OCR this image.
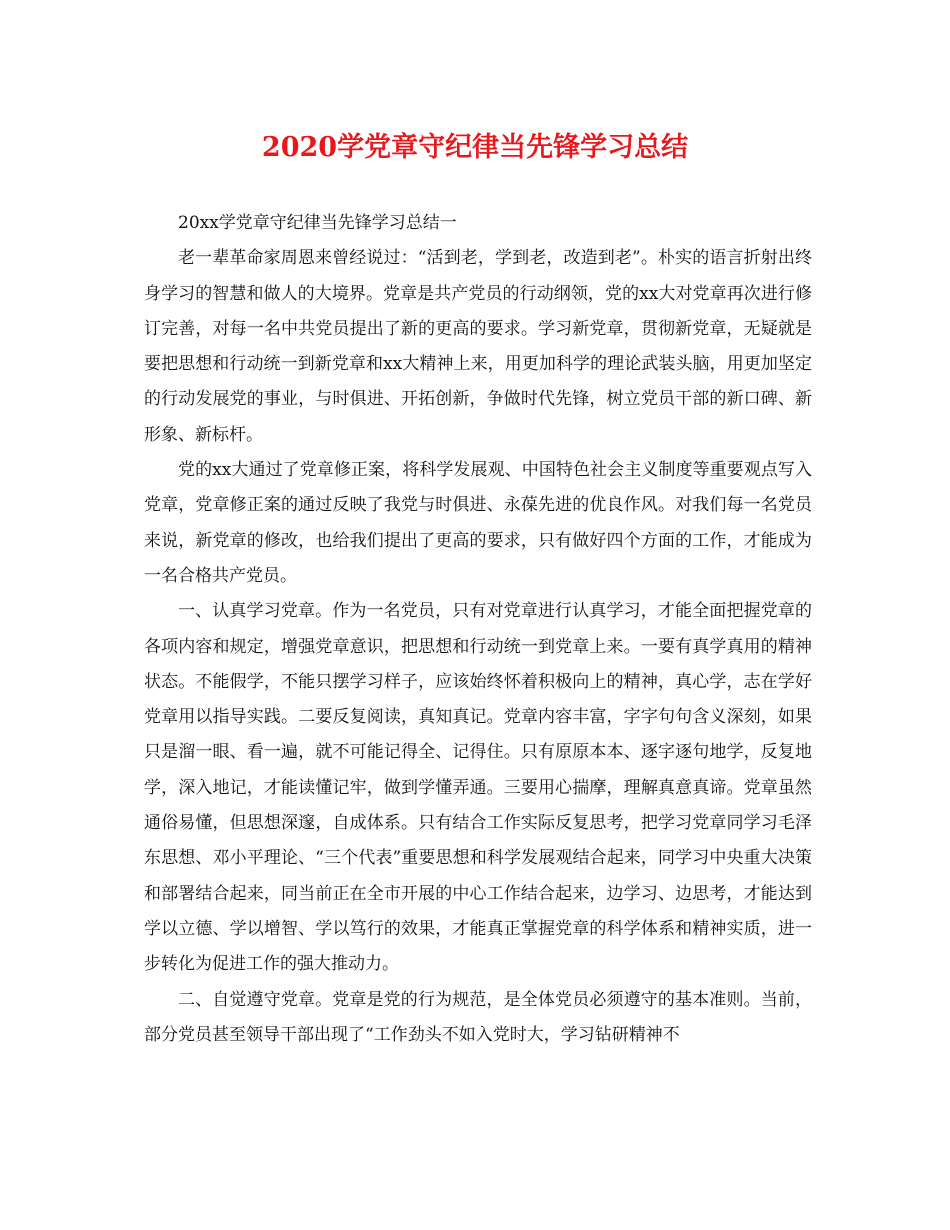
2020学党章守纪律当先锋学习总结

20xx学党章守纪律当先锋学习总结一

老一辈革命家周恩来曾经说过：“活到老，学到老，改造到老”。朴实的语言折射出终身学习的智慧和做人的大境界。党章是共产党员的行动纲领，党的xx大对党章再次进行修订完善，对每一名中共党员提出了新的更高的要求。学习新党章，贯彻新党章，无疑就是要把思想和行动统一到新党章和xx大精神上来，用更加科学的理论武装头脑，用更加坚定的行动发展党的事业，与时俱进、开拓创新，争做时代先锋，树立党员干部的新口碑、新形象、新标杆。

党的xx大通过了党章修正案，将科学发展观、中国特色社会主义制度等重要观点写入党章，党章修正案的通过反映了我党与时俱进、永葆先进的优良作风。对我们每一名党员来说，新党章的修改，也给我们提出了更高的要求，只有做好四个方面的工作，才能成为一名合格共产党员。

一、认真学习党章。作为一名党员，只有对党章进行认真学习，才能全面把握党章的各项内容和规定，增强党章意识，把思想和行动统一到党章上来。一要有真学真用的精神状态。不能假学，不能只摆学习样子，应该始终怀着积极向上的精神，真心学，志在学好党章用以指导实践。二要反复阅读，真知真记。党章内容丰富，字字句句含义深刻，如果只是溜一眼、看一遍，就不可能记得全、记得住。只有原原本本、逐字逐句地学，反复地学，深入地记，才能读懂记牢，做到学懂弄通。三要用心揣摩，理解真意真谛。党章虽然通俗易懂，但思想深邃，自成体系。只有结合工作实际反复思考，把学习党章同学习毛泽东思想、邓小平理论、“三个代表”重要思想和科学发展观结合起来，同学习中央重大决策和部署结合起来，同当前正在全市开展的中心工作结合起来，边学习、边思考，才能达到学以立德、学以增智、学以笃行的效果，才能真正掌握党章的科学体系和精神实质，进一步转化为促进工作的强大推动力。

二、自觉遵守党章。党章是党的行为规范，是全体党员必须遵守的基本准则。当前，部分党员甚至领导干部出现了“工作劲头不如入党时大，学习钻研精神不
